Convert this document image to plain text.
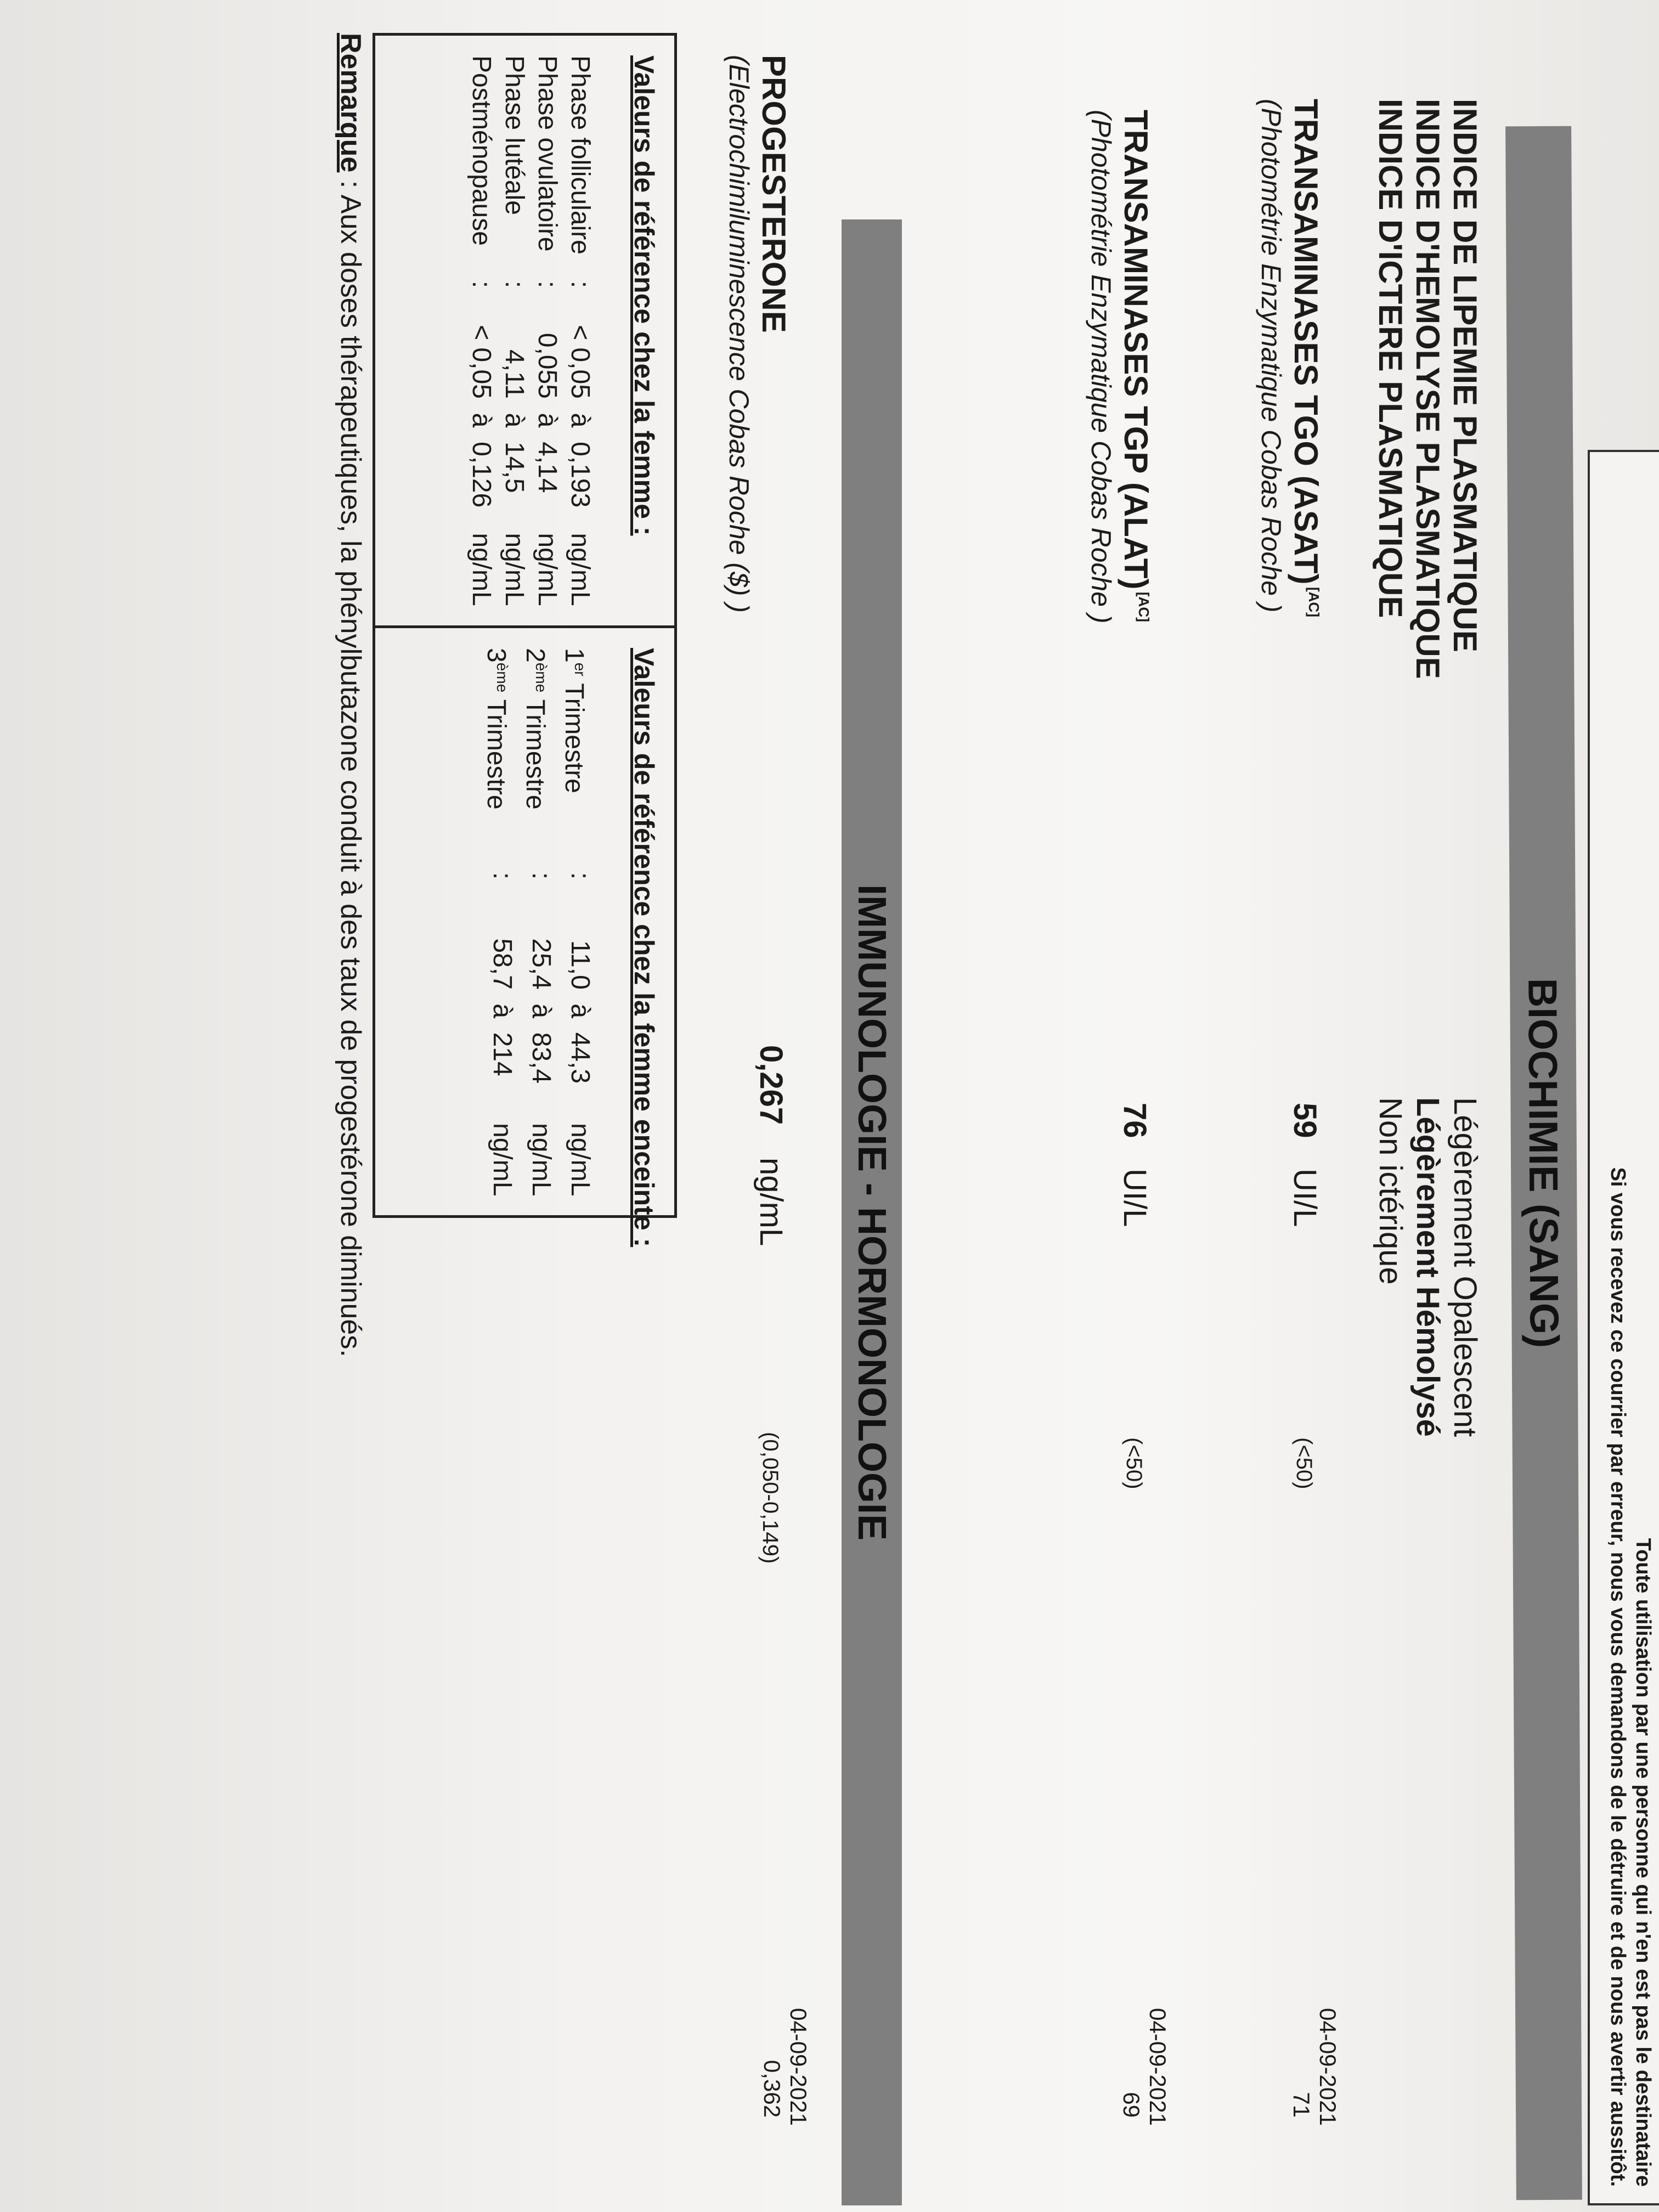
Toute utilisation par une personne qui n'en est pas le destinataire
Si vous recevez ce courrier par erreur, nous vous demandons de le détruire et de nous avertir aussitôt.
BIOCHIMIE (SANG)
INDICE DE LIPEMIE PLASMATIQUE
INDICE D'HEMOLYSE PLASMATIQUE
INDICE D'ICTERE PLASMATIQUE
Légèrement Opalescent
Légèrement Hémolysé
Non ictérique
TRANSAMINASES TGO (ASAT) [AC]
(Photométrie Enzymatique Cobas Roche )
59
UI/L
(<50)
04-09-2021
71
TRANSAMINASES TGP (ALAT) [AC]
(Photométrie Enzymatique Cobas Roche )
76
UI/L
(<50)
04-09-2021
69
IMMUNOLOGIE - HORMONOLOGIE
PROGESTERONE
(Electrochimiluminescence Cobas Roche ($) )
0,267
ng/mL
(0,050-0,149)
04-09-2021
0,362
Valeurs de référence chez la femme :
Phase folliculaire
:
< 0,05
à
0,193
ng/mL
Phase ovulatoire
:
0,055
à
4,14
ng/mL
Phase lutéale
:
4,11
à
14,5
ng/mL
Postménopause
:
< 0,05
à
0,126
ng/mL
Valeurs de référence chez la femme enceinte :
1er Trimestre
:
11,0
à
44,3
ng/mL
2ème Trimestre
:
25,4
à
83,4
ng/mL
3ème Trimestre
:
58,7
à
214
ng/mL
Remarque : Aux doses thérapeutiques, la phénylbutazone conduit à des taux de progestérone diminués.
